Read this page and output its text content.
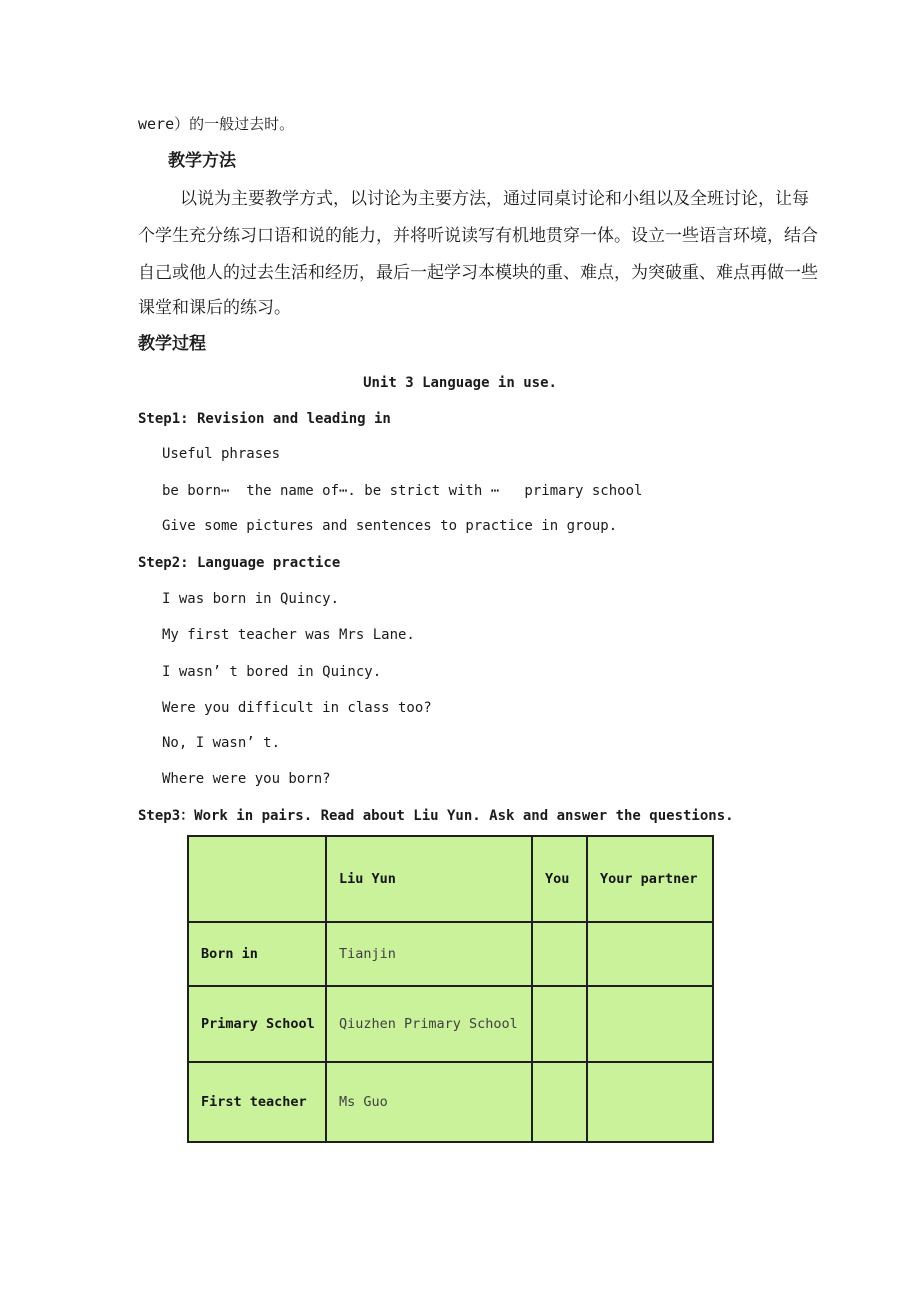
were）的一般过去时。
教学方法
以说为主要教学方式，以讨论为主要方法，通过同桌讨论和小组以及全班讨论，让每
个学生充分练习口语和说的能力，并将听说读写有机地贯穿一体。设立一些语言环境，结合
自己或他人的过去生活和经历，最后一起学习本模块的重、难点，为突破重、难点再做一些
课堂和课后的练习。
教学过程
Unit 3 Language in use.
Step1: Revision and leading in
Useful phrases
be born⋯  the name of⋯. be strict with ⋯   primary school
Give some pictures and sentences to practice in group.
Step2: Language practice
I was born in Quincy.
My first teacher was Mrs Lane.
I wasn’ t bored in Quincy.
Were you difficult in class too?
No, I wasn’ t.
Where were you born?
Step3：Work in pairs. Read about Liu Yun. Ask and answer the questions.
	Liu Yun	You	Your partner
Born in	Tianjin		
Primary School	Qiuzhen Primary School		
First teacher	Ms Guo		
